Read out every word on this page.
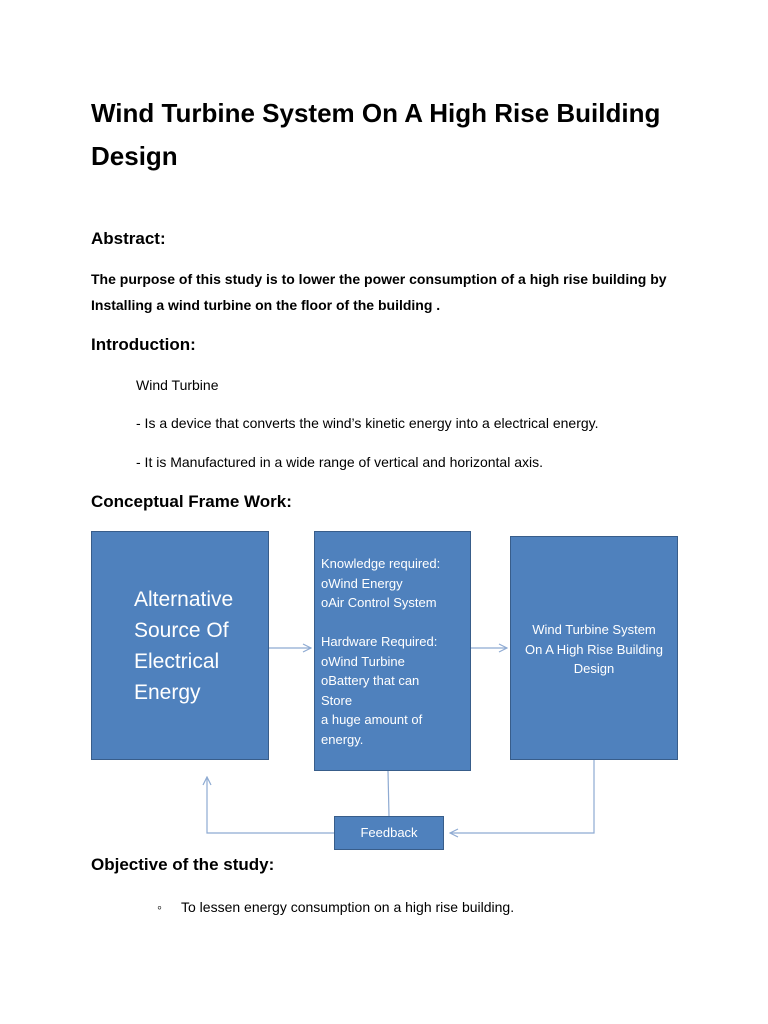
Wind Turbine System On A High Rise Building Design
Abstract:

The purpose of this study is to lower the power consumption of a high rise building by Installing a wind turbine on the floor of the building .

Introduction:

Wind Turbine

- Is a device that converts the wind’s kinetic energy into a electrical energy.

- It is Manufactured in a wide range of vertical and horizontal axis.

Conceptual Frame Work:
Alternative
Source Of
Electrical
Energy
Knowledge required:
oWind Energy
oAir Control System
Hardware Required:
oWind Turbine
oBattery that can
Store
a huge amount of
energy.
Wind Turbine System
On A High Rise Building
Design
Feedback
Objective of the study:
◦ To lessen energy consumption on a high rise building.
